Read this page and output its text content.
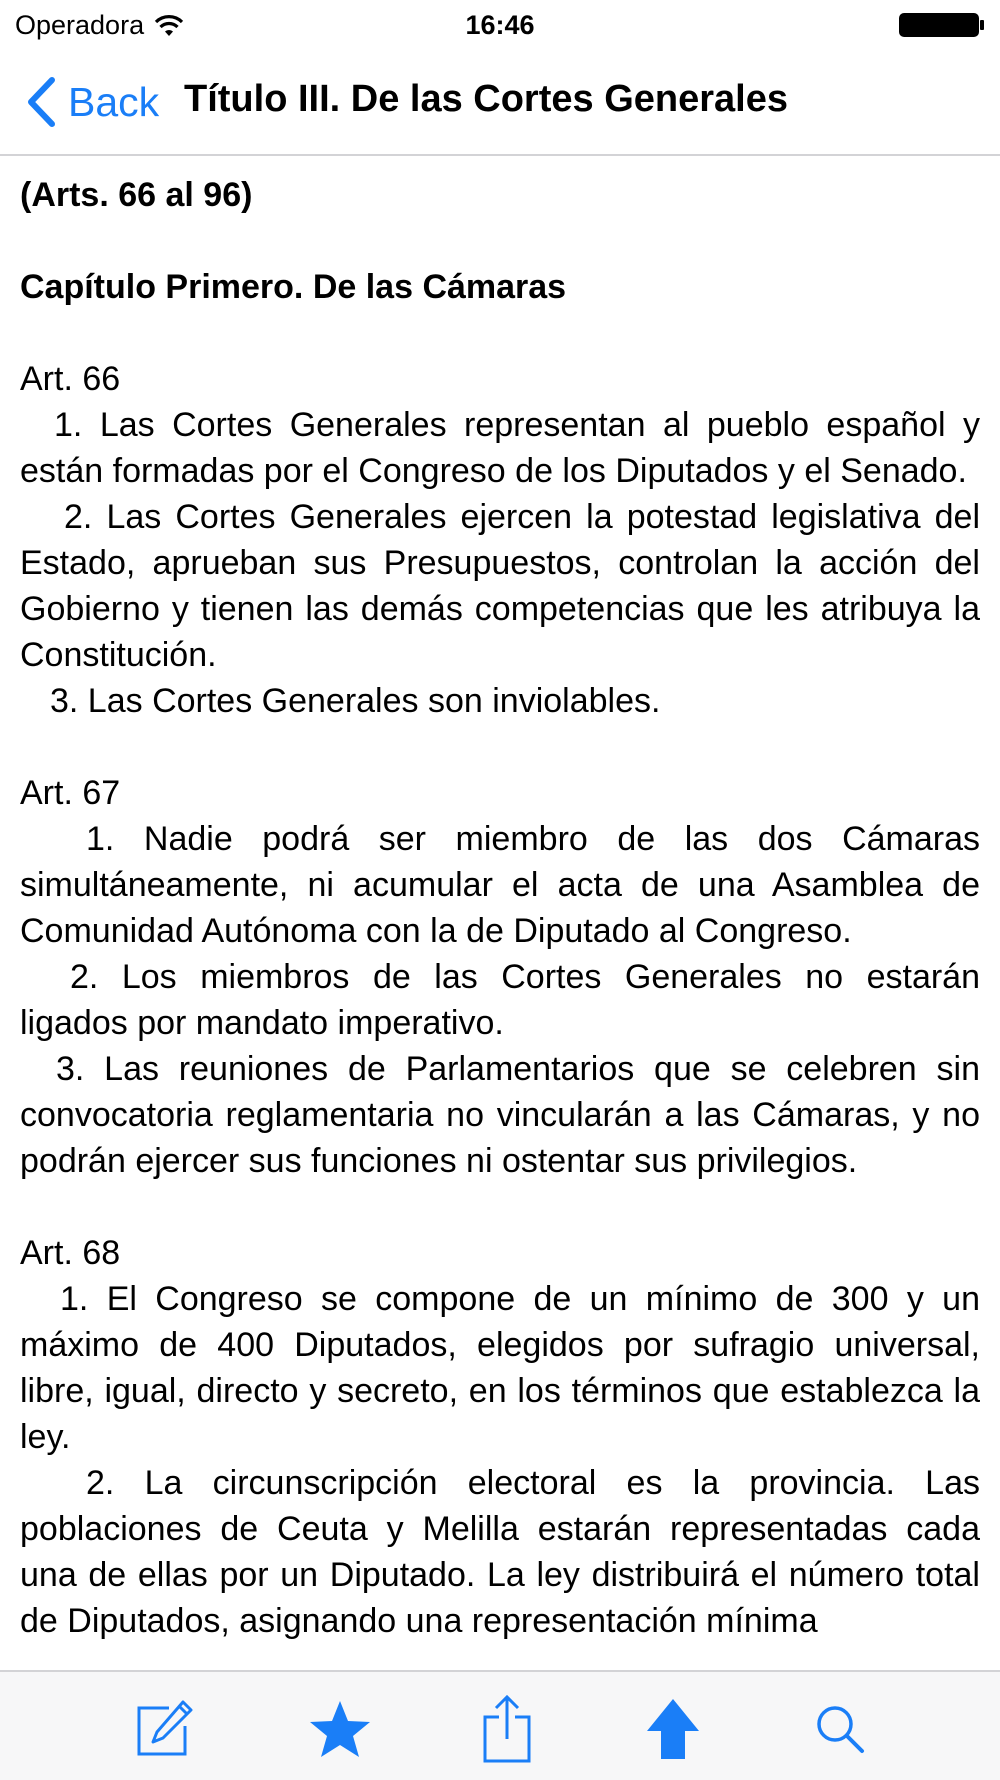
Operadora	16:46
Back Título III. De las Cortes Generales
(Arts. 66 al 96)
Capítulo Primero. De las Cámaras
Art. 66

1. Las Cortes Generales representan al pueblo español y están formadas por el Congreso de los Diputados y el Senado.

2. Las Cortes Generales ejercen la potestad legislativa del Estado, aprueban sus Presupuestos, controlan la acción del Gobierno y tienen las demás competencias que les atribuya la Constitución.

3. Las Cortes Generales son inviolables.

Art. 67

1. Nadie podrá ser miembro de las dos Cámaras simultáneamente, ni acumular el acta de una Asamblea de Comunidad Autónoma con la de Diputado al Congreso.

2. Los miembros de las Cortes Generales no estarán ligados por mandato imperativo.

3. Las reuniones de Parlamentarios que se celebren sin convocatoria reglamentaria no vincularán a las Cámaras, y no podrán ejercer sus funciones ni ostentar sus privilegios.

Art. 68

1. El Congreso se compone de un mínimo de 300 y un máximo de 400 Diputados, elegidos por sufragio universal, libre, igual, directo y secreto, en los términos que establezca la ley.

2. La circunscripción electoral es la provincia. Las poblaciones de Ceuta y Melilla estarán representadas cada una de ellas por un Diputado. La ley distribuirá el número total de Diputados, asignando una representación mínima
